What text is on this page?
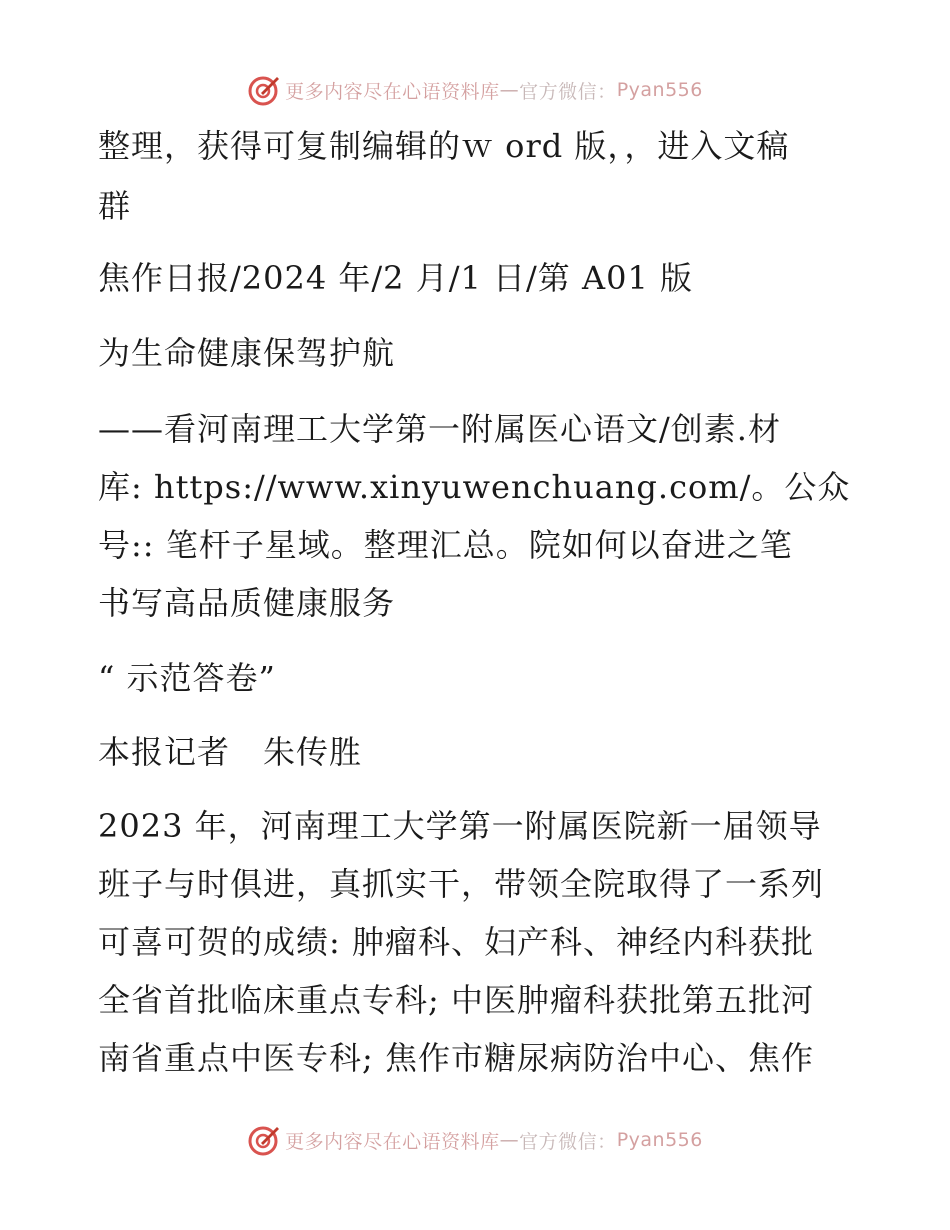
更多内容尽在心语资料库 — 官方微信： Pyan556
整理，获得可复制编辑的ｗ ord 版，，进入文稿
群
焦作日报/2024 年/2 月/1 日/第 A01 版
为生命健康保驾护航
——看河南理工大学第一附属医心语文/创素.材
库: https://www.xinyuwenchuang.com/。公众
号:: 笔杆子星域。整理汇总。院如何以奋进之笔
书写高品质健康服务
“ 示范答卷”
本报记者　朱传胜
2023 年，河南理工大学第一附属医院新一届领导
班子与时俱进，真抓实干，带领全院取得了一系列
可喜可贺的成绩: 肿瘤科、妇产科、神经内科获批
全省首批临床重点专科; 中医肿瘤科获批第五批河
南省重点中医专科; 焦作市糖尿病防治中心、焦作
更多内容尽在心语资料库 — 官方微信： Pyan556
